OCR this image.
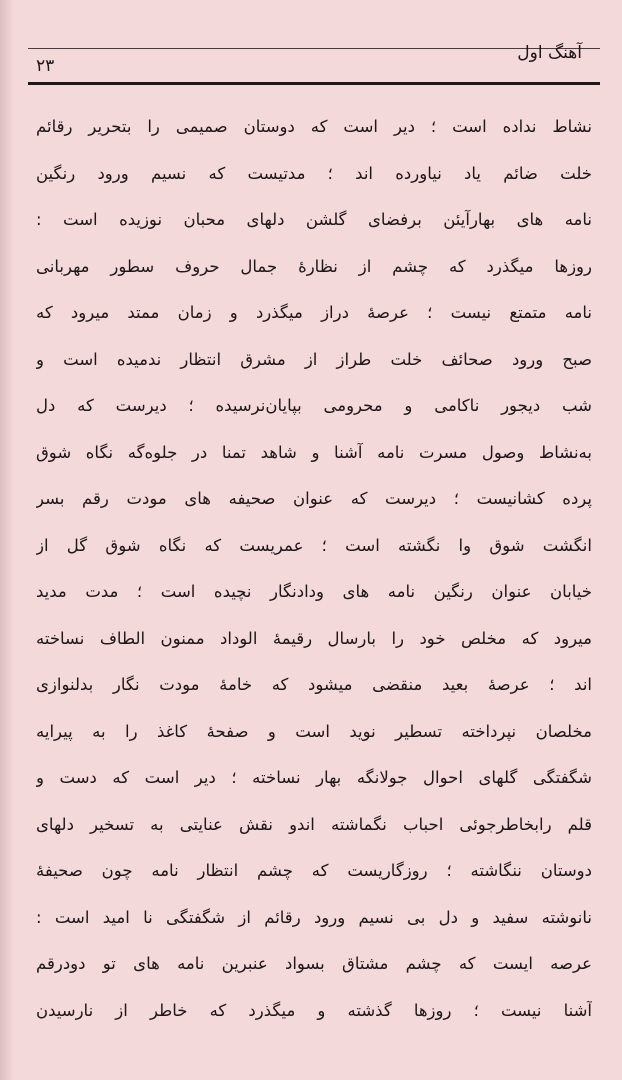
آهنگ اول
۲۳
نشاط نداده است ؛ دیر است که دوستان صمیمی را بتحریر رقائم
خلت ضائم یاد نیاورده اند ؛ مدتیست که نسیم ورود رنگین
نامه های بهارآیئن برفضای گلشن دلهای محبان نوزیده است :
روزها میگذرد که چشم از نظارهٔ جمال حروف سطور مهربانی
نامه متمتع نیست ؛ عرصهٔ دراز میگذرد و زمان ممتد میرود که
صبح ورود صحائف خلت طراز از مشرق انتظار ندمیده است و
شب دیجور ناکامی و محرومی بپایان‌نرسیده ؛ دیرست که دل
به‌نشاط وصول مسرت نامه آشنا و شاهد تمنا در جلوه‌گه نگاه شوق
پرده کشانیست ؛ دیرست که عنوان صحیفه های مودت رقم بسر
انگشت شوق وا نگشته است ؛ عمریست که نگاه شوق گل از
خیابان عنوان رنگین نامه های ودادنگار نچیده است ؛ مدت مدید
میرود که مخلص خود را بارسال رقیمهٔ الوداد ممنون الطاف نساخته
اند ؛ عرصهٔ بعید منقضی میشود که خامهٔ مودت نگار بدلنوازی
مخلصان نپرداخته تسطیر نوید است و صفحهٔ کاغذ را به پیرایه
شگفتگی گلهای احوال جولانگه بهار نساخته ؛ دیر است که دست و
قلم رابخاطرجوئی احباب نگماشته اندو نقش عنایتی به تسخیر دلهای
دوستان ننگاشته ؛ روزگاریست که چشم انتظار نامه چون صحیفهٔ
نانوشته سفید و دل بی نسیم ورود رقائم از شگفتگی نا امید است :
عرصه ایست که چشم مشتاق بسواد عنبرین نامه های تو دودرقم
آشنا نیست ؛ روزها گذشته و میگذرد که خاطر از نارسیدن
